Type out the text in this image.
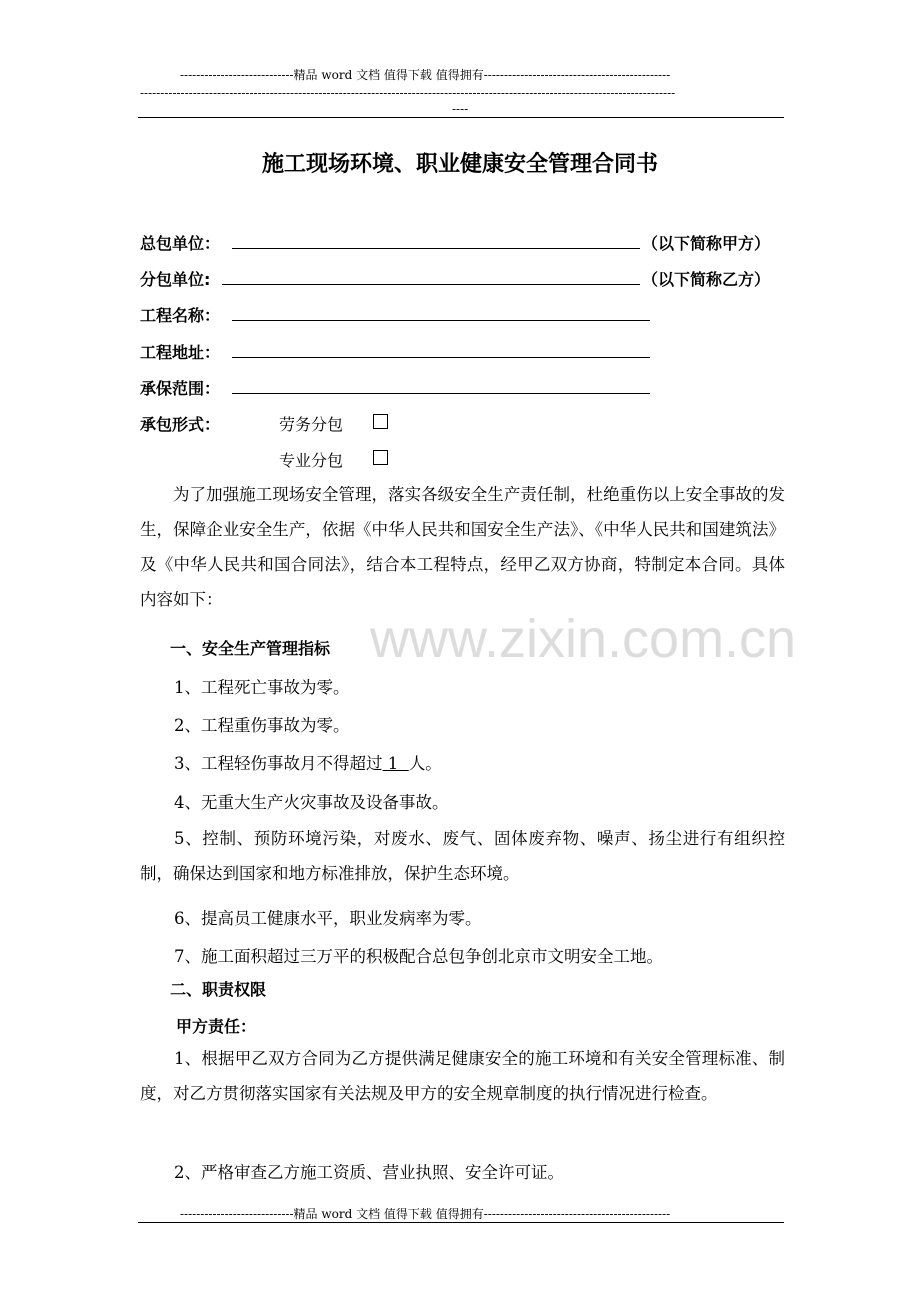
----------------------------精品 word 文档 值得下载 值得拥有----------------------------------------------
------------------------------------------------------------------------------------------------------------------------------------
----
www.zixin.com.cn
施工现场环境、职业健康安全管理合同书
总包单位：	（以下简称甲方）
分包单位:	（以下简称乙方）
工程名称：
工程地址：
承保范围：
承包形式：	劳务分包
专业分包

为了加强施工现场安全管理，落实各级安全生产责任制，杜绝重伤以上安全事故的发生，保障企业安全生产，依据《中华人民共和国安全生产法》、《中华人民共和国建筑法》及《中华人民共和国合同法》，结合本工程特点，经甲乙双方协商，特制定本合同。具体内容如下：

一、安全生产管理指标
1、工程死亡事故为零。
2、工程重伤事故为零。
3、工程轻伤事故月不得超过 1  人。
4、无重大生产火灾事故及设备事故。

5、控制、预防环境污染，对废水、废气、固体废弃物、噪声、扬尘进行有组织控制，确保达到国家和地方标准排放，保护生态环境。

6、提高员工健康水平，职业发病率为零。
7、施工面积超过三万平的积极配合总包争创北京市文明安全工地。
二、职责权限
甲方责任：

1、根据甲乙双方合同为乙方提供满足健康安全的施工环境和有关安全管理标准、制度，对乙方贯彻落实国家有关法规及甲方的安全规章制度的执行情况进行检查。

2、严格审查乙方施工资质、营业执照、安全许可证。
----------------------------精品 word 文档 值得下载 值得拥有----------------------------------------------
